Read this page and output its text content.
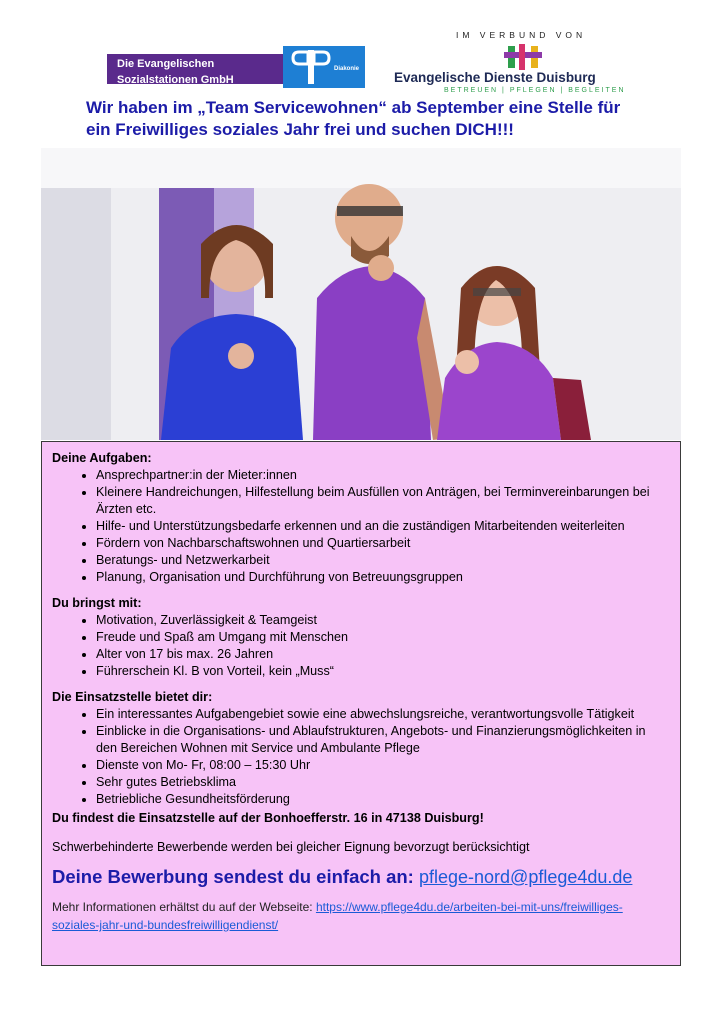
Die Evangelischen
Sozialstationen GmbH
Diakonie
IM VERBUND VON
Evangelische Dienste Duisburg
BETREUEN | PFLEGEN | BEGLEITEN
Wir haben im „Team Servicewohnen“ ab September eine Stelle für
ein Freiwilliges soziales Jahr frei und suchen DICH!!!

Deine Aufgaben:

• Ansprechpartner:in der Mieter:innen
• Kleinere Handreichungen, Hilfestellung beim Ausfüllen von Anträgen, bei Terminvereinbarungen bei Ärzten etc.
• Hilfe- und Unterstützungsbedarfe erkennen und an die zuständigen Mitarbeitenden weiterleiten
• Fördern von Nachbarschaftswohnen und Quartiersarbeit
• Beratungs- und Netzwerkarbeit
• Planung, Organisation und Durchführung von Betreuungsgruppen

Du bringst mit:

• Motivation, Zuverlässigkeit & Teamgeist
• Freude und Spaß am Umgang mit Menschen
• Alter von 17 bis max. 26 Jahren
• Führerschein Kl. B von Vorteil, kein „Muss“

Die Einsatzstelle bietet dir:

• Ein interessantes Aufgabengebiet sowie eine abwechslungsreiche, verantwortungsvolle Tätigkeit
• Einblicke in die Organisations- und Ablaufstrukturen, Angebots- und Finanzierungsmöglichkeiten in den Bereichen Wohnen mit Service und Ambulante Pflege
• Dienste von Mo- Fr, 08:00 – 15:30 Uhr
• Sehr gutes Betriebsklima
• Betriebliche Gesundheitsförderung
Du findest die Einsatzstelle auf der Bonhoefferstr. 16 in 47138 Duisburg!
Schwerbehinderte Bewerbende werden bei gleicher Eignung bevorzugt berücksichtigt
Deine Bewerbung sendest du einfach an: pflege-nord@pflege4du.de
Mehr Informationen erhältst du auf der Webseite: https://www.pflege4du.de/arbeiten-bei-mit-uns/freiwilliges-soziales-jahr-und-bundesfreiwilligendienst/
